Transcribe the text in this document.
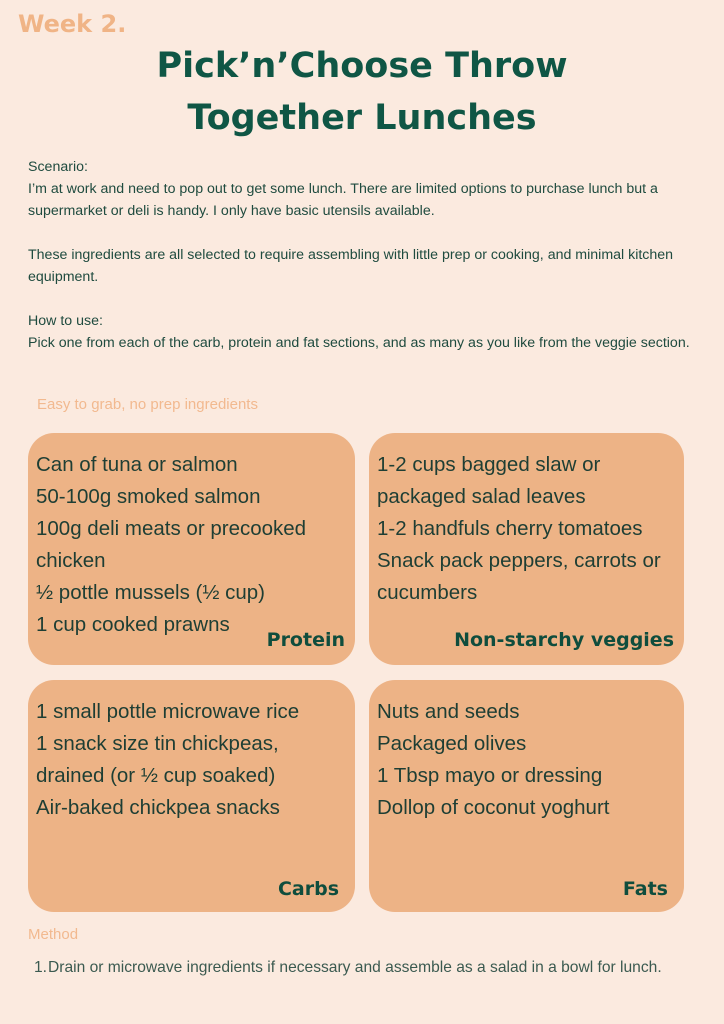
Week 2.
Pick’n’Choose Throw
Together Lunches

Scenario:

I’m at work and need to pop out to get some lunch. There are limited options to purchase lunch but a supermarket or deli is handy. I only have basic utensils available.

These ingredients are all selected to require assembling with little prep or cooking, and minimal kitchen equipment.

How to use:

Pick one from each of the carb, protein and fat sections, and as many as you like from the veggie section.

Easy to grab, no prep ingredients

Can of tuna or salmon
50-100g smoked salmon
100g deli meats or precooked chicken
½ pottle mussels (½ cup)
1 cup cooked prawns
Protein
1-2 cups bagged slaw or packaged salad leaves
1-2 handfuls cherry tomatoes
Snack pack peppers, carrots or cucumbers
Non-starchy veggies
1 small pottle microwave rice
1 snack size tin chickpeas, drained (or ½ cup soaked)
Air-baked chickpea snacks
Carbs
Nuts and seeds
Packaged olives
1 Tbsp mayo or dressing
Dollop of coconut yoghurt
Fats

Method

1. Drain or microwave ingredients if necessary and assemble as a salad in a bowl for lunch.
